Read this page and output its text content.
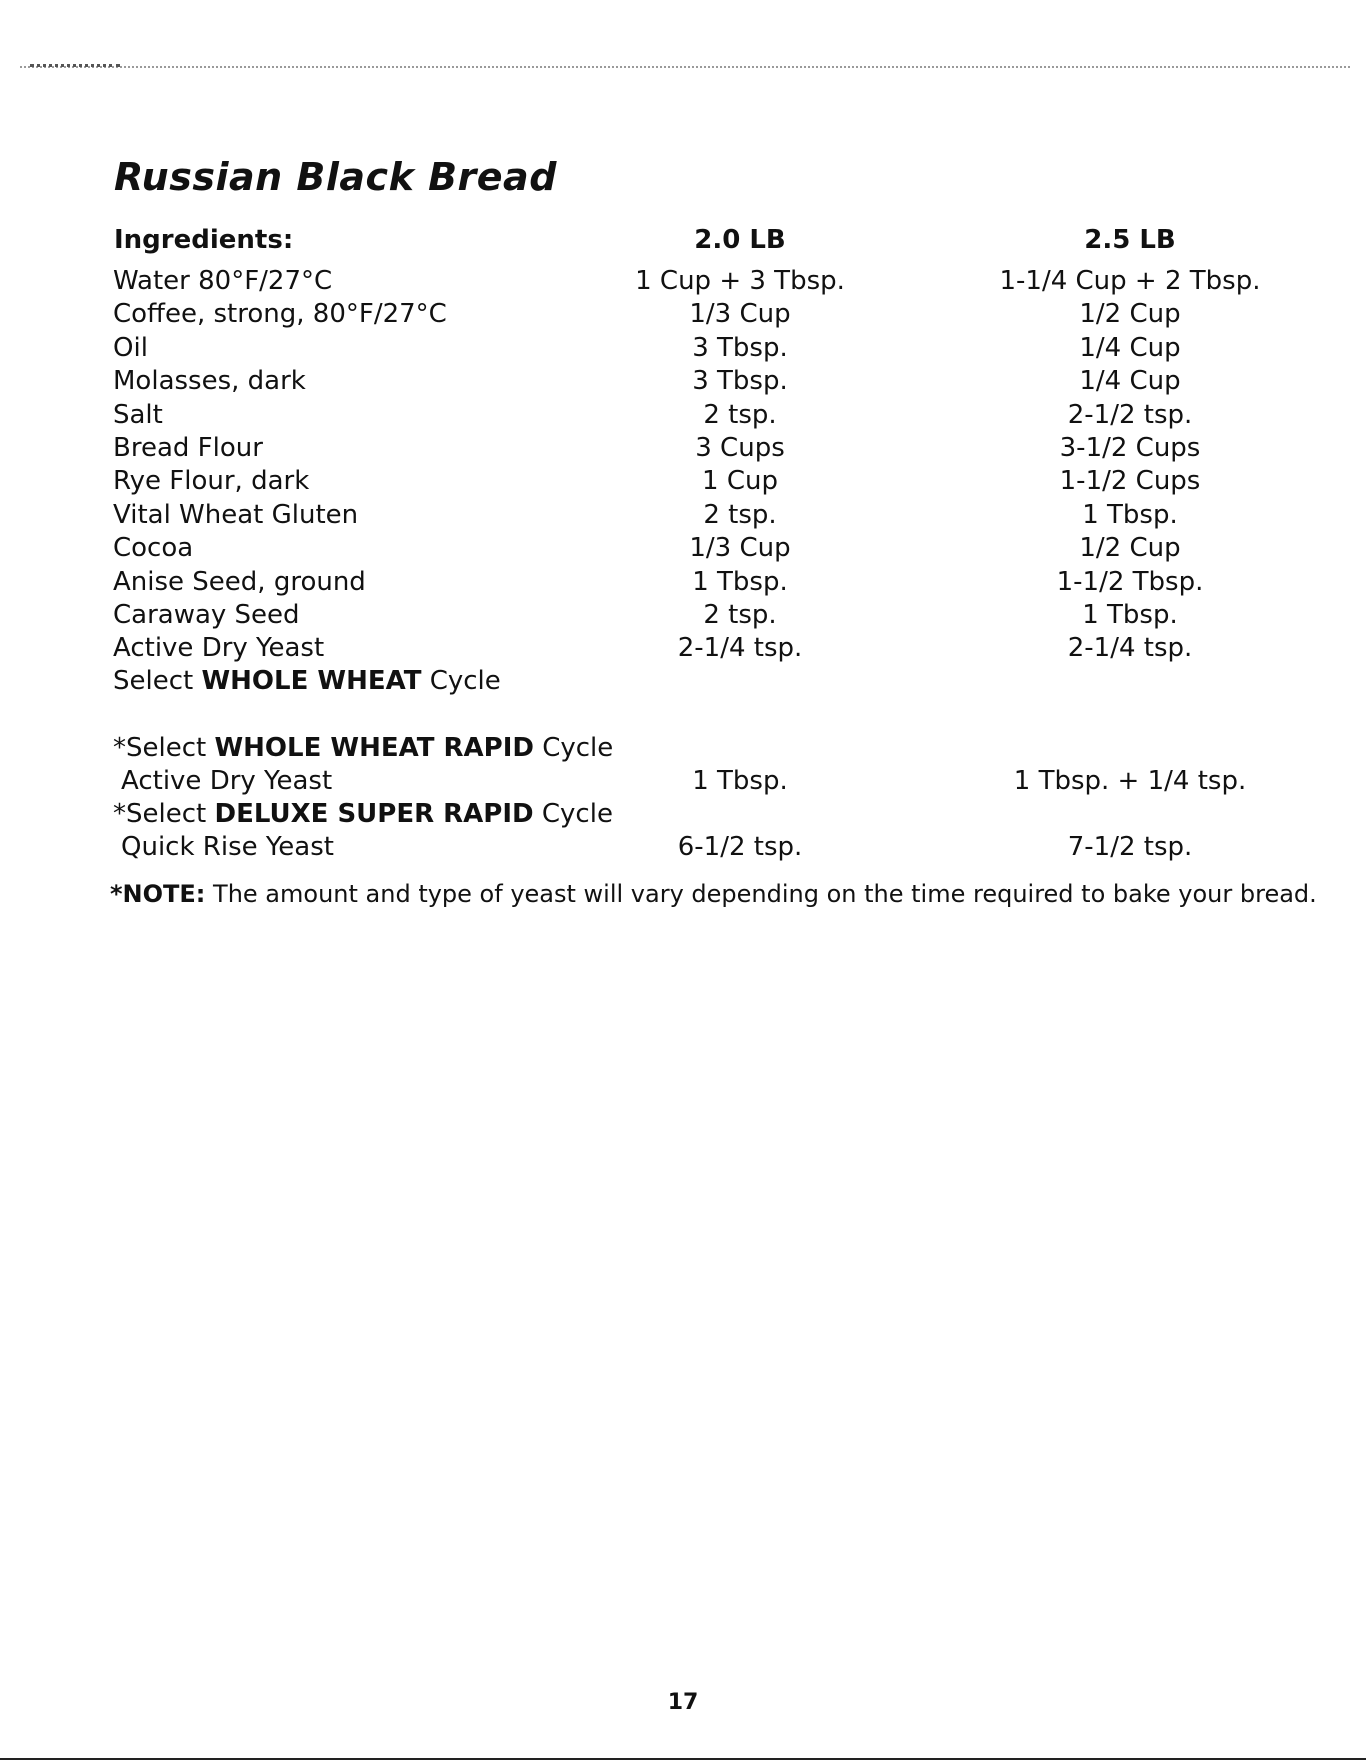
Russian Black Bread
Ingredients:	2.0 LB	2.5 LB
Water 80°F/27°C	1 Cup + 3 Tbsp.	1-1/4 Cup + 2 Tbsp.
Coffee, strong, 80°F/27°C	1/3 Cup	1/2 Cup
Oil	3 Tbsp.	1/4 Cup
Molasses, dark	3 Tbsp.	1/4 Cup
Salt	2 tsp.	2-1/2 tsp.
Bread Flour	3 Cups	3-1/2 Cups
Rye Flour, dark	1 Cup	1-1/2 Cups
Vital Wheat Gluten	2 tsp.	1 Tbsp.
Cocoa	1/3 Cup	1/2 Cup
Anise Seed, ground	1 Tbsp.	1-1/2 Tbsp.
Caraway Seed	2 tsp.	1 Tbsp.
Active Dry Yeast	2-1/4 tsp.	2-1/4 tsp.
Select WHOLE WHEAT Cycle
*Select WHOLE WHEAT RAPID Cycle
Active Dry Yeast	1 Tbsp.	1 Tbsp. + 1/4 tsp.
*Select DELUXE SUPER RAPID Cycle
Quick Rise Yeast	6-1/2 tsp.	7-1/2 tsp.
*NOTE: The amount and type of yeast will vary depending on the time required to bake your bread.
17
